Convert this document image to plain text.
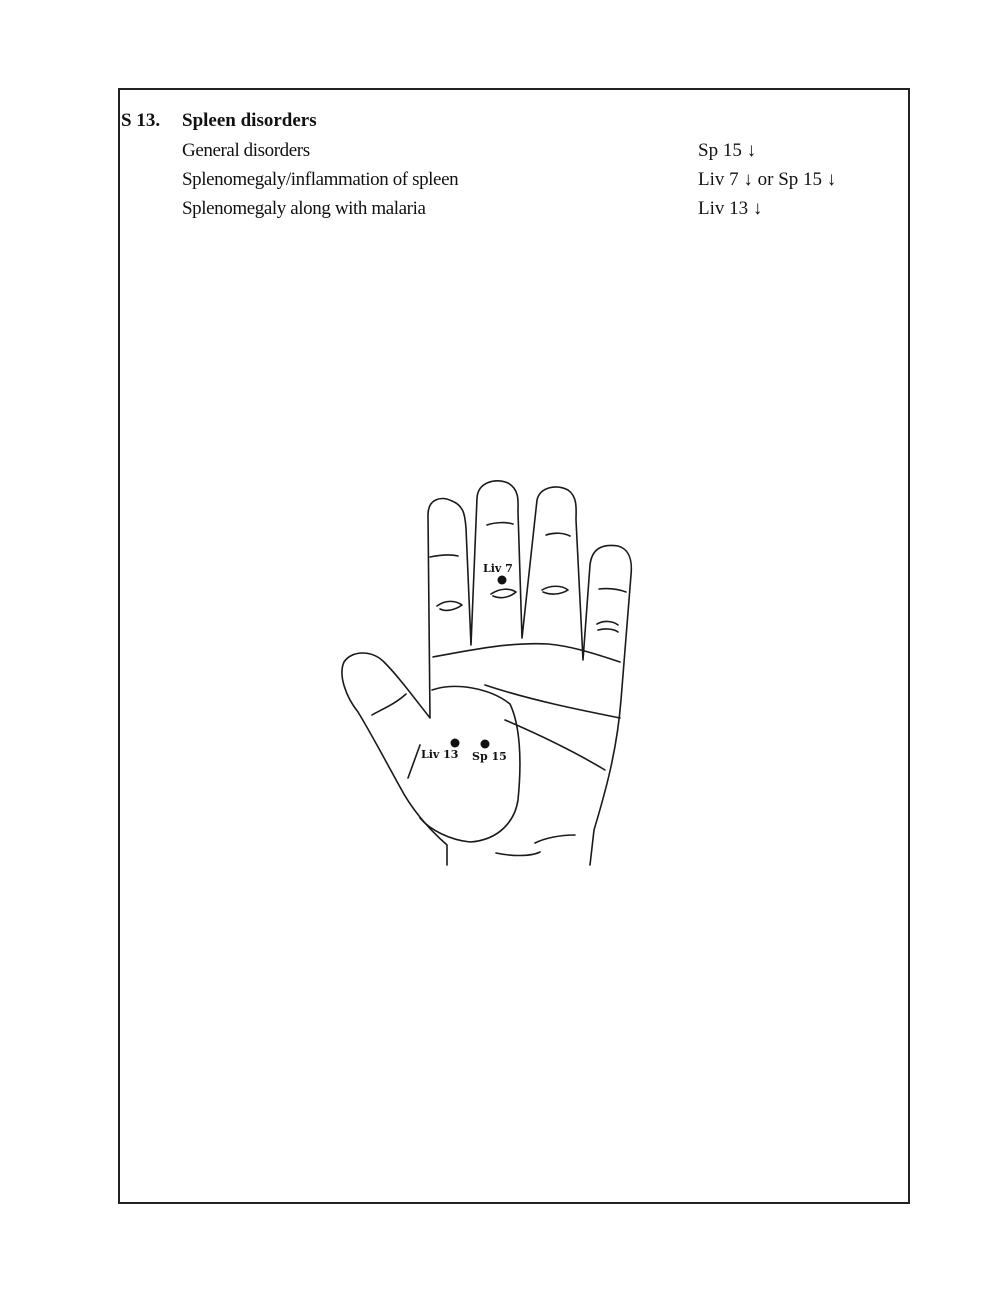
S 13. Spleen disorders
General disorders	Sp 15 ↓
Splenomegaly/inflammation of spleen	Liv 7 ↓ or Sp 15 ↓
Splenomegaly along with malaria	Liv 13 ↓
Liv 7
Liv 13 Sp 15
